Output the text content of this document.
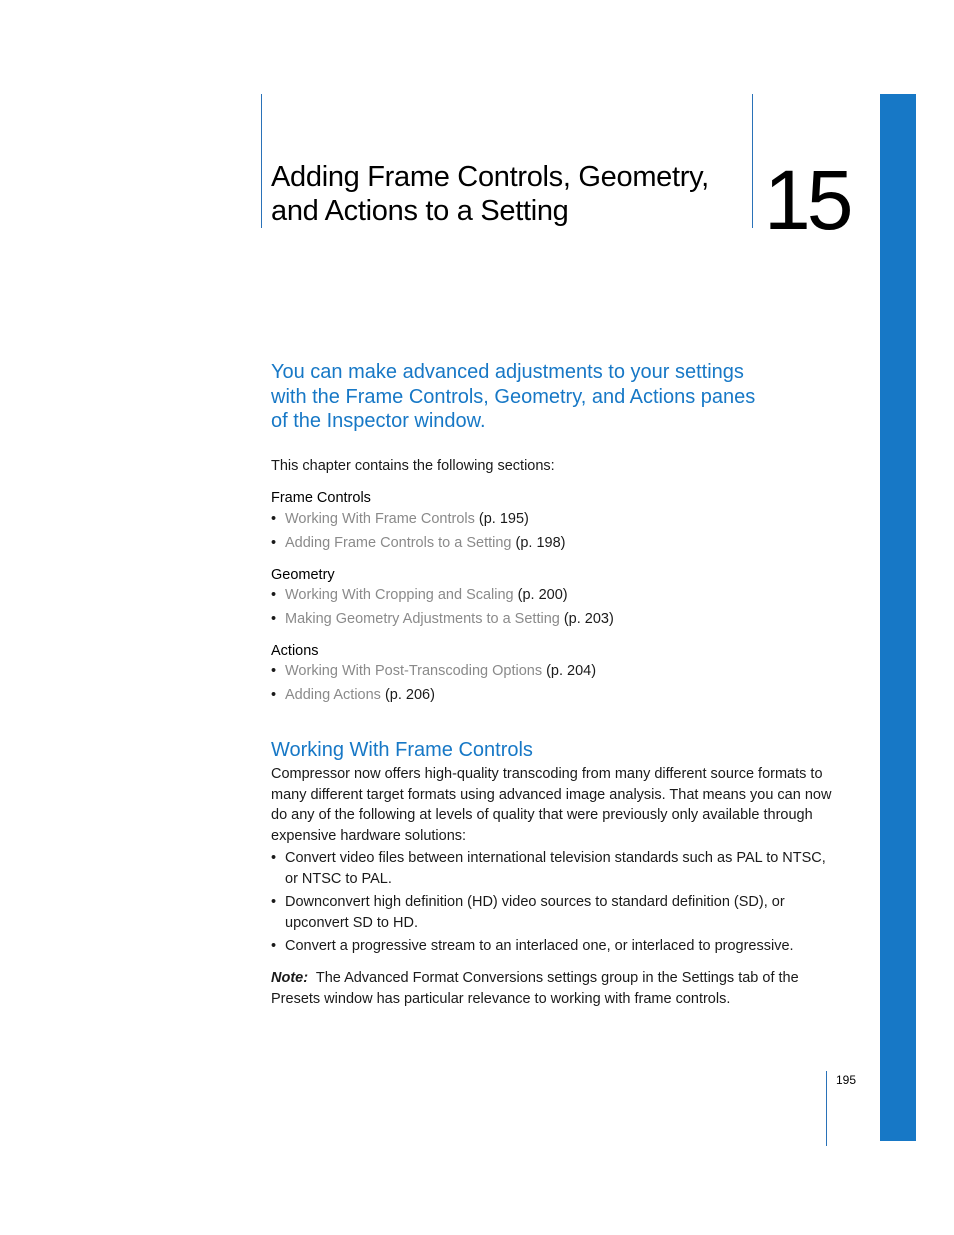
Adding Frame Controls, Geometry,
and Actions to a Setting	15

You can make advanced adjustments to your settings
with the Frame Controls, Geometry, and Actions panes
of the Inspector window.

This chapter contains the following sections:

Frame Controls
• Working With Frame Controls (p. 195)
• Adding Frame Controls to a Setting (p. 198)
Geometry
• Working With Cropping and Scaling (p. 200)
• Making Geometry Adjustments to a Setting (p. 203)
Actions
• Working With Post-Transcoding Options (p. 204)
• Adding Actions (p. 206)
Working With Frame Controls

Compressor now offers high-quality transcoding from many different source formats to
many different target formats using advanced image analysis. That means you can now
do any of the following at levels of quality that were previously only available through
expensive hardware solutions:

• Convert video files between international television standards such as PAL to NTSC,
or NTSC to PAL.
• Downconvert high definition (HD) video sources to standard definition (SD), or
upconvert SD to HD.
• Convert a progressive stream to an interlaced one, or interlaced to progressive.

Note: The Advanced Format Conversions settings group in the Settings tab of the
Presets window has particular relevance to working with frame controls.

195
